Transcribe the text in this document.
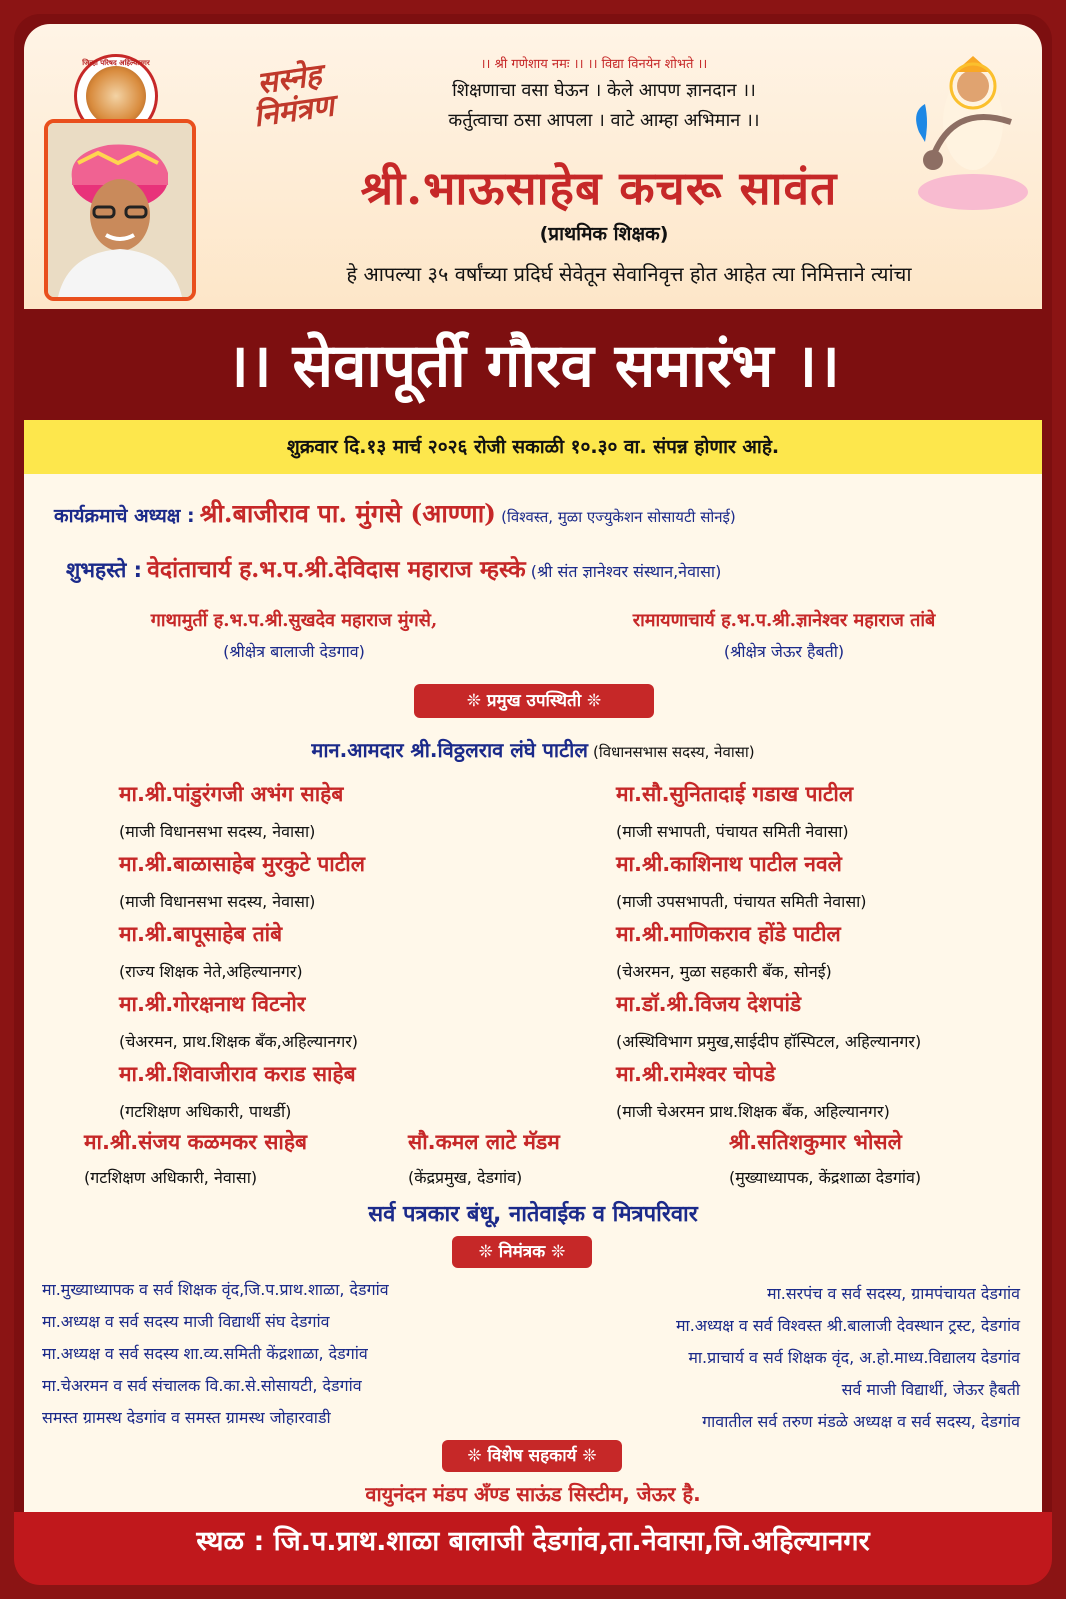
जिल्हा परिषद अहिल्यानगर	सस्नेह
निमंत्रण
।। श्री गणेशाय नमः ।। ।। विद्या विनयेन शोभते ।।
शिक्षणाचा वसा घेऊन । केले आपण ज्ञानदान ।।
कर्तुत्वाचा ठसा आपला । वाटे आम्हा अभिमान ।।
श्री.भाऊसाहेब कचरू सावंत
(प्राथमिक शिक्षक)
हे आपल्या ३५ वर्षांच्या प्रदिर्घ सेवेतून सेवानिवृत्त होत आहेत त्या निमित्ताने त्यांचा
।। सेवापूर्ती गौरव समारंभ ।।
शुक्रवार दि.१३ मार्च २०२६ रोजी सकाळी १०.३० वा. संपन्न होणार आहे.
कार्यक्रमाचे अध्यक्ष : श्री.बाजीराव पा. मुंगसे (आण्णा) (विश्वस्त, मुळा एज्युकेशन सोसायटी सोनई)
शुभहस्ते : वेदांताचार्य ह.भ.प.श्री.देविदास महाराज म्हस्के (श्री संत ज्ञानेश्वर संस्थान,नेवासा)
गाथामुर्ती ह.भ.प.श्री.सुखदेव महाराज मुंगसे,
(श्रीक्षेत्र बालाजी देडगाव)
रामायणाचार्य ह.भ.प.श्री.ज्ञानेश्वर महाराज तांबे
(श्रीक्षेत्र जेऊर हैबती)
❊ प्रमुख उपस्थिती ❊
मान.आमदार श्री.विठ्ठलराव लंघे पाटील (विधानसभास सदस्य, नेवासा)
मा.श्री.पांडुरंगजी अभंग साहेब
(माजी विधानसभा सदस्य, नेवासा)
मा.श्री.बाळासाहेब मुरकुटे पाटील
(माजी विधानसभा सदस्य, नेवासा)
मा.श्री.बापूसाहेब तांबे
(राज्य शिक्षक नेते,अहिल्यानगर)
मा.श्री.गोरक्षनाथ विटनोर
(चेअरमन, प्राथ.शिक्षक बँक,अहिल्यानगर)
मा.श्री.शिवाजीराव कराड साहेब
(गटशिक्षण अधिकारी, पाथर्डी)
मा.सौ.सुनितादाई गडाख पाटील
(माजी सभापती, पंचायत समिती नेवासा)
मा.श्री.काशिनाथ पाटील नवले
(माजी उपसभापती, पंचायत समिती नेवासा)
मा.श्री.माणिकराव होंडे पाटील
(चेअरमन, मुळा सहकारी बँक, सोनई)
मा.डॉ.श्री.विजय देशपांडे
(अस्थिविभाग प्रमुख,साईदीप हॉस्पिटल, अहिल्यानगर)
मा.श्री.रामेश्वर चोपडे
(माजी चेअरमन प्राथ.शिक्षक बँक, अहिल्यानगर)
मा.श्री.संजय कळमकर साहेब
(गटशिक्षण अधिकारी, नेवासा)
सौ.कमल लाटे मॅडम
(केंद्रप्रमुख, देडगांव)
श्री.सतिशकुमार भोसले
(मुख्याध्यापक, केंद्रशाळा देडगांव)
सर्व पत्रकार बंधू, नातेवाईक व मित्रपरिवार
❊ निमंत्रक ❊
मा.मुख्याध्यापक व सर्व शिक्षक वृंद,जि.प.प्राथ.शाळा, देडगांव
मा.अध्यक्ष व सर्व सदस्य माजी विद्यार्थी संघ देडगांव
मा.अध्यक्ष व सर्व सदस्य शा.व्य.समिती केंद्रशाळा, देडगांव
मा.चेअरमन व सर्व संचालक वि.का.से.सोसायटी, देडगांव
समस्त ग्रामस्थ देडगांव व समस्त ग्रामस्थ जोहारवाडी
मा.सरपंच व सर्व सदस्य, ग्रामपंचायत देडगांव
मा.अध्यक्ष व सर्व विश्वस्त श्री.बालाजी देवस्थान ट्रस्ट, देडगांव
मा.प्राचार्य व सर्व शिक्षक वृंद, अ.हो.माध्य.विद्यालय देडगांव
सर्व माजी विद्यार्थी, जेऊर हैबती
गावातील सर्व तरुण मंडळे अध्यक्ष व सर्व सदस्य, देडगांव
❊ विशेष सहकार्य ❊
वायुनंदन मंडप अँण्ड साऊंड सिस्टीम, जेऊर है.
स्थळ : जि.प.प्राथ.शाळा बालाजी देडगांव,ता.नेवासा,जि.अहिल्यानगर
